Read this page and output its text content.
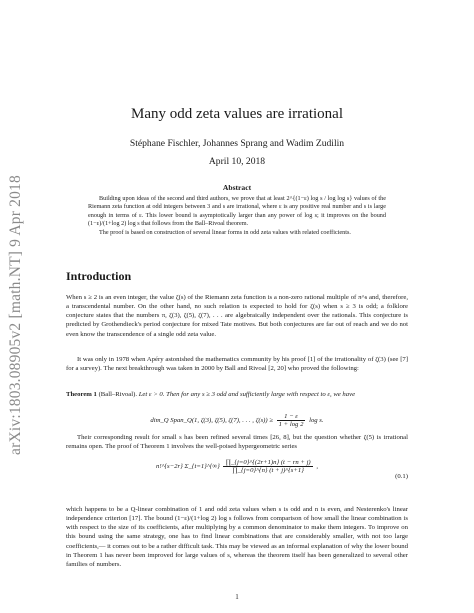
arXiv:1803.08905v2 [math.NT] 9 Apr 2018
Many odd zeta values are irrational
Stéphane Fischler, Johannes Sprang and Wadim Zudilin
April 10, 2018
Abstract

Building upon ideas of the second and third authors, we prove that at least 2^{(1−ε) log s / log log s} values of the Riemann zeta function at odd integers between 3 and s are irrational, where ε is any positive real number and s is large enough in terms of ε. This lower bound is asymptotically larger than any power of log s; it improves on the bound (1−ε)/(1+log 2) log s that follows from the Ball–Rivoal theorem.

The proof is based on construction of several linear forms in odd zeta values with related coefficients.

Introduction

When s ≥ 2 is an even integer, the value ζ(s) of the Riemann zeta function is a non-zero rational multiple of π^s and, therefore, a transcendental number. On the other hand, no such relation is expected to hold for ζ(s) when s ≥ 3 is odd; a folklore conjecture states that the numbers π, ζ(3), ζ(5), ζ(7), . . . are algebraically independent over the rationals. This conjecture is predicted by Grothendieck's period conjecture for mixed Tate motives. But both conjectures are far out of reach and we do not even know the transcendence of a single odd zeta value.

It was only in 1978 when Apéry astonished the mathematics community by his proof [1] of the irrationality of ζ(3) (see [7] for a survey). The next breakthrough was taken in 2000 by Ball and Rivoal [2, 20] who proved the following:

Theorem 1 (Ball–Rivoal). Let ε > 0. Then for any s ≥ 3 odd and sufficiently large with respect to ε, we have
dim_Q Span_Q(1, ζ(3), ζ(5), ζ(7), . . . , $\zeta(s)) \ge \frac{1 - \varepsilon}{1 + \log 2}$ log s.

Their corresponding result for small s has been refined several times [26, 8], but the question whether ζ(5) is irrational remains open. The proof of Theorem 1 involves the well-poised hypergeometric series

n!^{s−2r} Σ_{t=1}^{∞} $\frac{\prod\_\{j=0\}\^{}\{(2r+1)n\} (t - rn + j)}{\prod\_\{j=0\}\^{}\{n\} (t + j)\^{}\{s+1\}}$ ,
(0.1)

which happens to be a Q-linear combination of 1 and odd zeta values when s is odd and n is even, and Nesterenko's linear independence criterion [17]. The bound (1−ε)/(1+log 2) log s follows from comparison of how small the linear combination is with respect to the size of its coefficients, after multiplying by a common denominator to make them integers. To improve on this bound using the same strategy, one has to find linear combinations that are considerably smaller, with not too large coefficients,— it comes out to be a rather difficult task. This may be viewed as an informal explanation of why the lower bound in Theorem 1 has never been improved for large values of s, whereas the theorem itself has been generalized to several other families of numbers.

1
